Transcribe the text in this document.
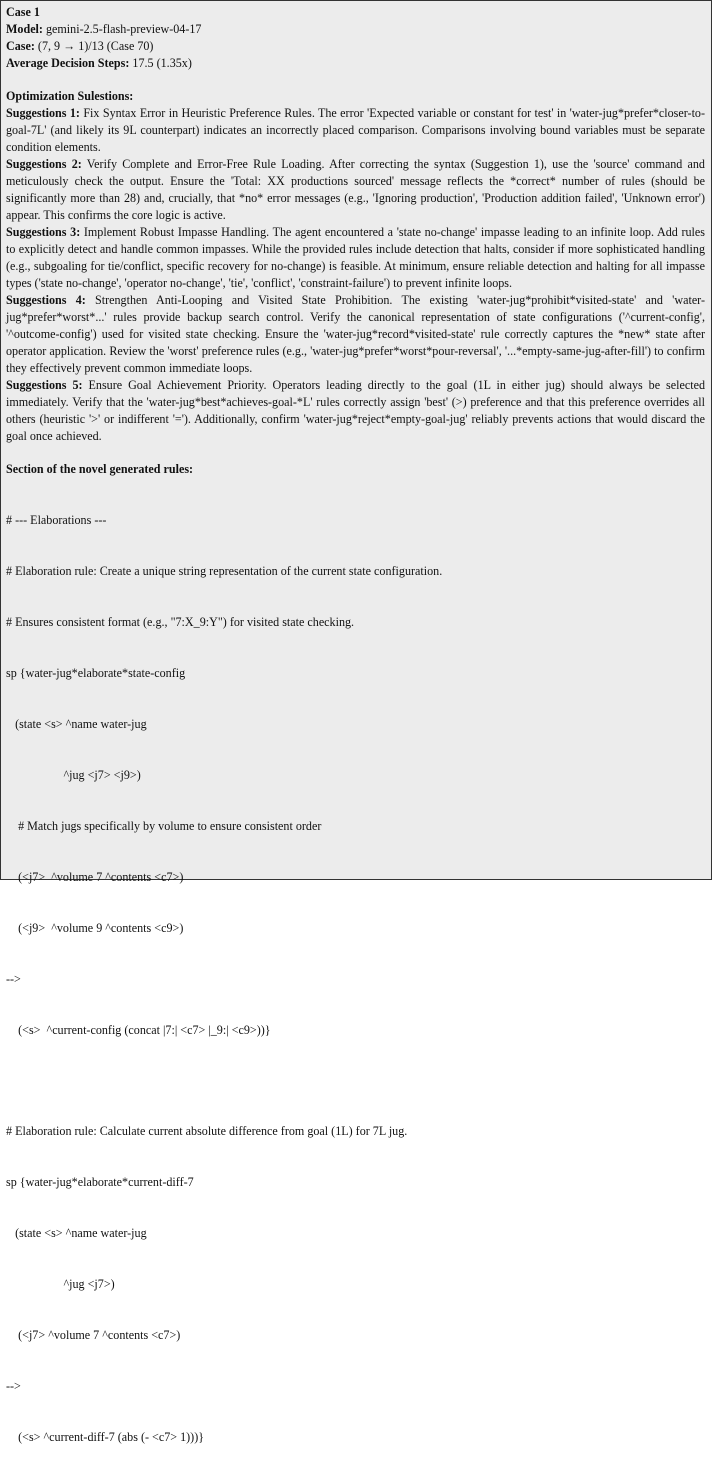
Case 1
Model: gemini-2.5-flash-preview-04-17
Case: (7, 9 → 1)/13 (Case 70)
Average Decision Steps: 17.5 (1.35x)
Optimization Sulestions:
Suggestions 1: Fix Syntax Error in Heuristic Preference Rules. The error 'Expected variable or constant for test' in 'water-jug*prefer*closer-to-goal-7L' (and likely its 9L counterpart) indicates an incorrectly placed comparison. Comparisons involving bound variables must be separate condition elements.
Suggestions 2: Verify Complete and Error-Free Rule Loading. After correcting the syntax (Suggestion 1), use the 'source' command and meticulously check the output. Ensure the 'Total: XX productions sourced' message reflects the *correct* number of rules (should be significantly more than 28) and, crucially, that *no* error messages (e.g., 'Ignoring production', 'Production addition failed', 'Unknown error') appear. This confirms the core logic is active.
Suggestions 3: Implement Robust Impasse Handling. The agent encountered a 'state no-change' impasse leading to an infinite loop. Add rules to explicitly detect and handle common impasses. While the provided rules include detection that halts, consider if more sophisticated handling (e.g., subgoaling for tie/conflict, specific recovery for no-change) is feasible. At minimum, ensure reliable detection and halting for all impasse types ('state no-change', 'operator no-change', 'tie', 'conflict', 'constraint-failure') to prevent infinite loops.
Suggestions 4: Strengthen Anti-Looping and Visited State Prohibition. The existing 'water-jug*prohibit*visited-state' and 'water-jug*prefer*worst*...' rules provide backup search control. Verify the canonical representation of state configurations ('^current-config', '^outcome-config') used for visited state checking. Ensure the 'water-jug*record*visited-state' rule correctly captures the *new* state after operator application. Review the 'worst' preference rules (e.g., 'water-jug*prefer*worst*pour-reversal', '...*empty-same-jug-after-fill') to confirm they effectively prevent common immediate loops.
Suggestions 5: Ensure Goal Achievement Priority. Operators leading directly to the goal (1L in either jug) should always be selected immediately. Verify that the 'water-jug*best*achieves-goal-*L' rules correctly assign 'best' (>) preference and that this preference overrides all others (heuristic '>' or indifferent '='). Additionally, confirm 'water-jug*reject*empty-goal-jug' reliably prevents actions that would discard the goal once achieved.
Section of the novel generated rules:

# --- Elaborations ---

# Elaboration rule: Create a unique string representation of the current state configuration.

# Ensures consistent format (e.g., "7:X_9:Y") for visited state checking.

sp {water-jug*elaborate*state-config

(state <s> ^name water-jug

^jug <j7> <j9>)

# Match jugs specifically by volume to ensure consistent order

(<j7>  ^volume 7 ^contents <c7>)

(<j9>  ^volume 9 ^contents <c9>)

-->

(<s>  ^current-config (concat |7:| <c7> |_9:| <c9>))}

# Elaboration rule: Calculate current absolute difference from goal (1L) for 7L jug.

sp {water-jug*elaborate*current-diff-7

(state <s> ^name water-jug

^jug <j7>)

(<j7> ^volume 7 ^contents <c7>)

-->

(<s> ^current-diff-7 (abs (- <c7> 1)))}
